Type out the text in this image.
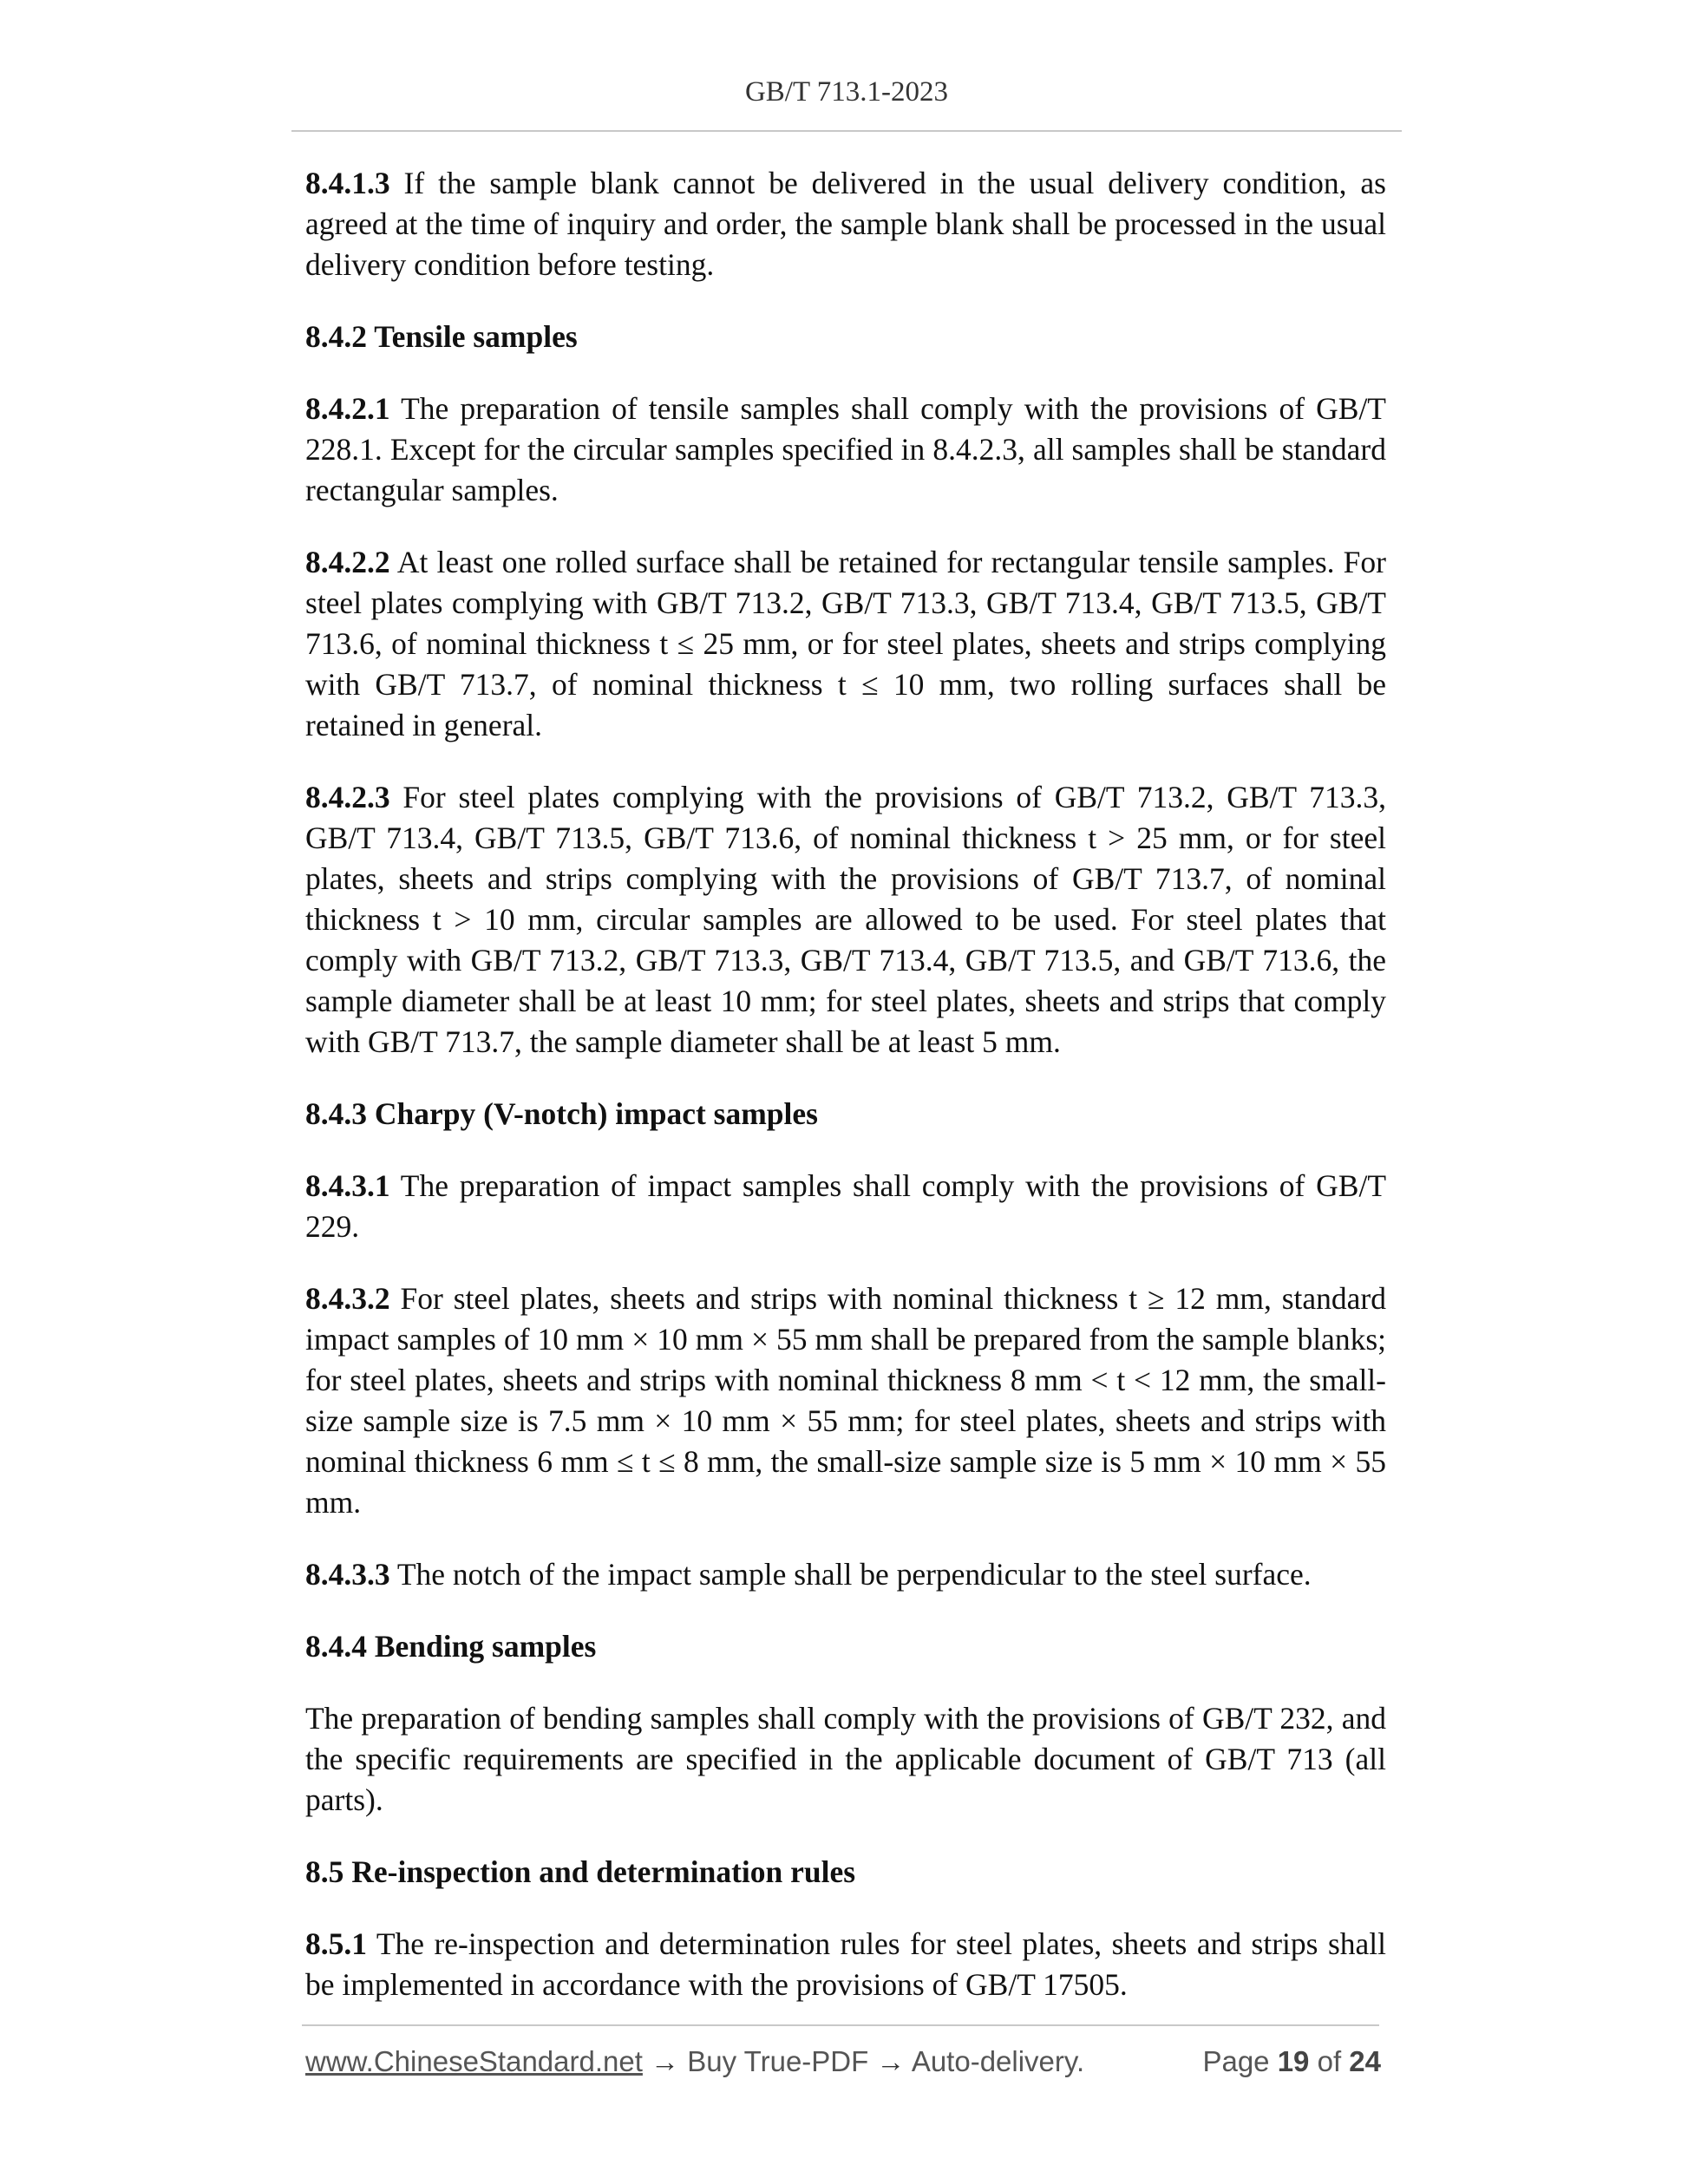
GB/T 713.1-2023

8.4.1.3 If the sample blank cannot be delivered in the usual delivery condition, as agreed at the time of inquiry and order, the sample blank shall be processed in the usual delivery condition before testing.

8.4.2 Tensile samples

8.4.2.1 The preparation of tensile samples shall comply with the provisions of GB/T 228.1. Except for the circular samples specified in 8.4.2.3, all samples shall be standard rectangular samples.

8.4.2.2 At least one rolled surface shall be retained for rectangular tensile samples. For steel plates complying with GB/T 713.2, GB/T 713.3, GB/T 713.4, GB/T 713.5, GB/T 713.6, of nominal thickness t ≤ 25 mm, or for steel plates, sheets and strips complying with GB/T 713.7, of nominal thickness t ≤ 10 mm, two rolling surfaces shall be retained in general.

8.4.2.3 For steel plates complying with the provisions of GB/T 713.2, GB/T 713.3, GB/T 713.4, GB/T 713.5, GB/T 713.6, of nominal thickness t > 25 mm, or for steel plates, sheets and strips complying with the provisions of GB/T 713.7, of nominal thickness t > 10 mm, circular samples are allowed to be used. For steel plates that comply with GB/T 713.2, GB/T 713.3, GB/T 713.4, GB/T 713.5, and GB/T 713.6, the sample diameter shall be at least 10 mm; for steel plates, sheets and strips that comply with GB/T 713.7, the sample diameter shall be at least 5 mm.

8.4.3 Charpy (V-notch) impact samples

8.4.3.1 The preparation of impact samples shall comply with the provisions of GB/T 229.

8.4.3.2 For steel plates, sheets and strips with nominal thickness t ≥ 12 mm, standard impact samples of 10 mm × 10 mm × 55 mm shall be prepared from the sample blanks; for steel plates, sheets and strips with nominal thickness 8 mm < t < 12 mm, the small-size sample size is 7.5 mm × 10 mm × 55 mm; for steel plates, sheets and strips with nominal thickness 6 mm ≤ t ≤ 8 mm, the small-size sample size is 5 mm × 10 mm × 55 mm.

8.4.3.3 The notch of the impact sample shall be perpendicular to the steel surface.

8.4.4 Bending samples

The preparation of bending samples shall comply with the provisions of GB/T 232, and the specific requirements are specified in the applicable document of GB/T 713 (all parts).

8.5 Re-inspection and determination rules

8.5.1 The re-inspection and determination rules for steel plates, sheets and strips shall be implemented in accordance with the provisions of GB/T 17505.

www.ChineseStandard.net → Buy True-PDF → Auto-delivery.	Page 19 of 24
